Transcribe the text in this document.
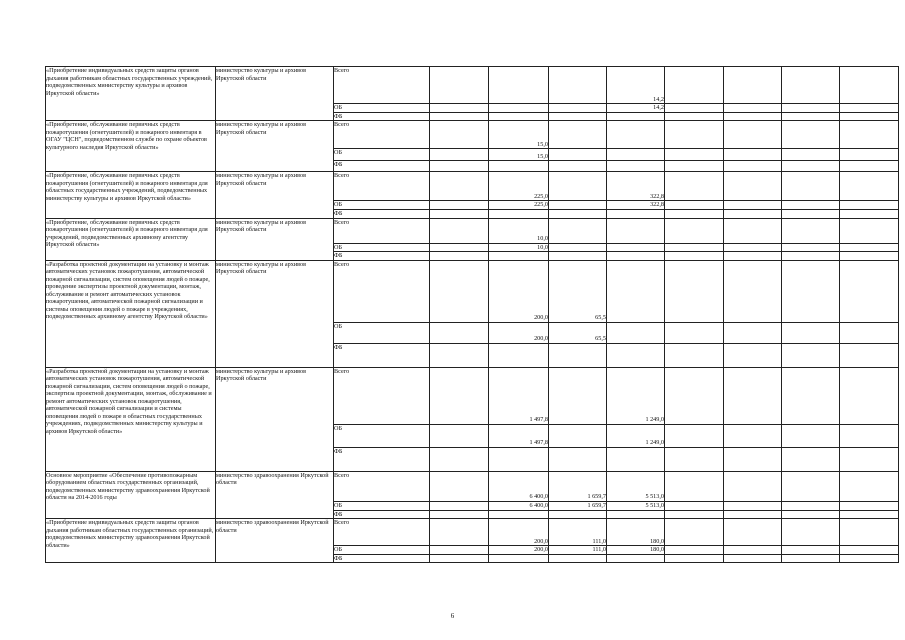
«Приобретение индивидуальных средств защиты органов дыхания работникам областных государственных учреждений, подведомственных министерству культуры и архивов Иркутской области»	министерство культуры и архивов Иркутской области	Всего				14,2					
		ОБ				14,2					
		ФБ									
«Приобретение, обслуживание первичных средств пожаротушения (огнетушителей) и пожарного инвентаря в ОГАУ "ЦСН", подведомственном службе по охране объектов культурного наследия Иркутской области»	министерство культуры и архивов Иркутской области	Всего		15,0							
		ОБ		15,0							
		ФБ									
«Приобретение, обслуживание первичных средств пожаротушения (огнетушителей) и пожарного инвентаря для областных государственных учреждений, подведомственных министерству культуры и архивов Иркутской области»	министерство культуры и архивов Иркутской области	Всего		225,0		322,8					
		ОБ		225,0		322,8					
		ФБ									
«Приобретение, обслуживание первичных средств пожаротушения (огнетушителей) и пожарного инвентаря для учреждений, подведомственных архивному агентству Иркутской области»	министерство культуры и архивов Иркутской области	Всего		10,0							
		ОБ		10,0							
		ФБ									
«Разработка проектной документации на установку и монтаж автоматических установок пожаротушения, автоматической пожарной сигнализации, систем оповещения людей о пожаре, проведение экспертизы проектной документации, монтаж, обслуживание и ремонт автоматических установок пожаротушения, автоматической пожарной сигнализации и системы оповещения людей о пожаре в учреждениях, подведомственных архивному агентству Иркутской области»	министерство культуры и архивов Иркутской области	Всего		200,0	65,5						
		ОБ		200,0	65,5						
		ФБ									
«Разработка проектной документации на установку и монтаж автоматических установок пожаротушения, автоматической пожарной сигнализации, систем оповещения людей о пожаре, экспертиза проектной документации, монтаж, обслуживание и ремонт автоматических установок пожаротушения, автоматической пожарной сигнализации и системы оповещения людей о пожаре в областных государственных учреждениях, подведомственных министерству культуры и архивов Иркутской области»	министерство культуры и архивов Иркутской области	Всего		1 497,8		1 249,0					
		ОБ		1 497,8		1 249,0					
		ФБ									
Основное мероприятие «Обеспечение противопожарным оборудованием областных государственных организаций, подведомственных министерству здравоохранения Иркутской области на 2014-2016 годы	министерство здравоохранения Иркутской области	Всего		6 400,0	1 659,7	5 513,0					
		ОБ		6 400,0	1 659,7	5 513,0					
		ФБ									
«Приобретение индивидуальных средств защиты органов дыхания работникам областных государственных организаций, подведомственных министерству здравоохранения Иркутской области»	министерство здравоохранения Иркутской области	Всего		200,0	111,0	180,0					
		ОБ		200,0	111,0	180,0					
		ФБ									
6
